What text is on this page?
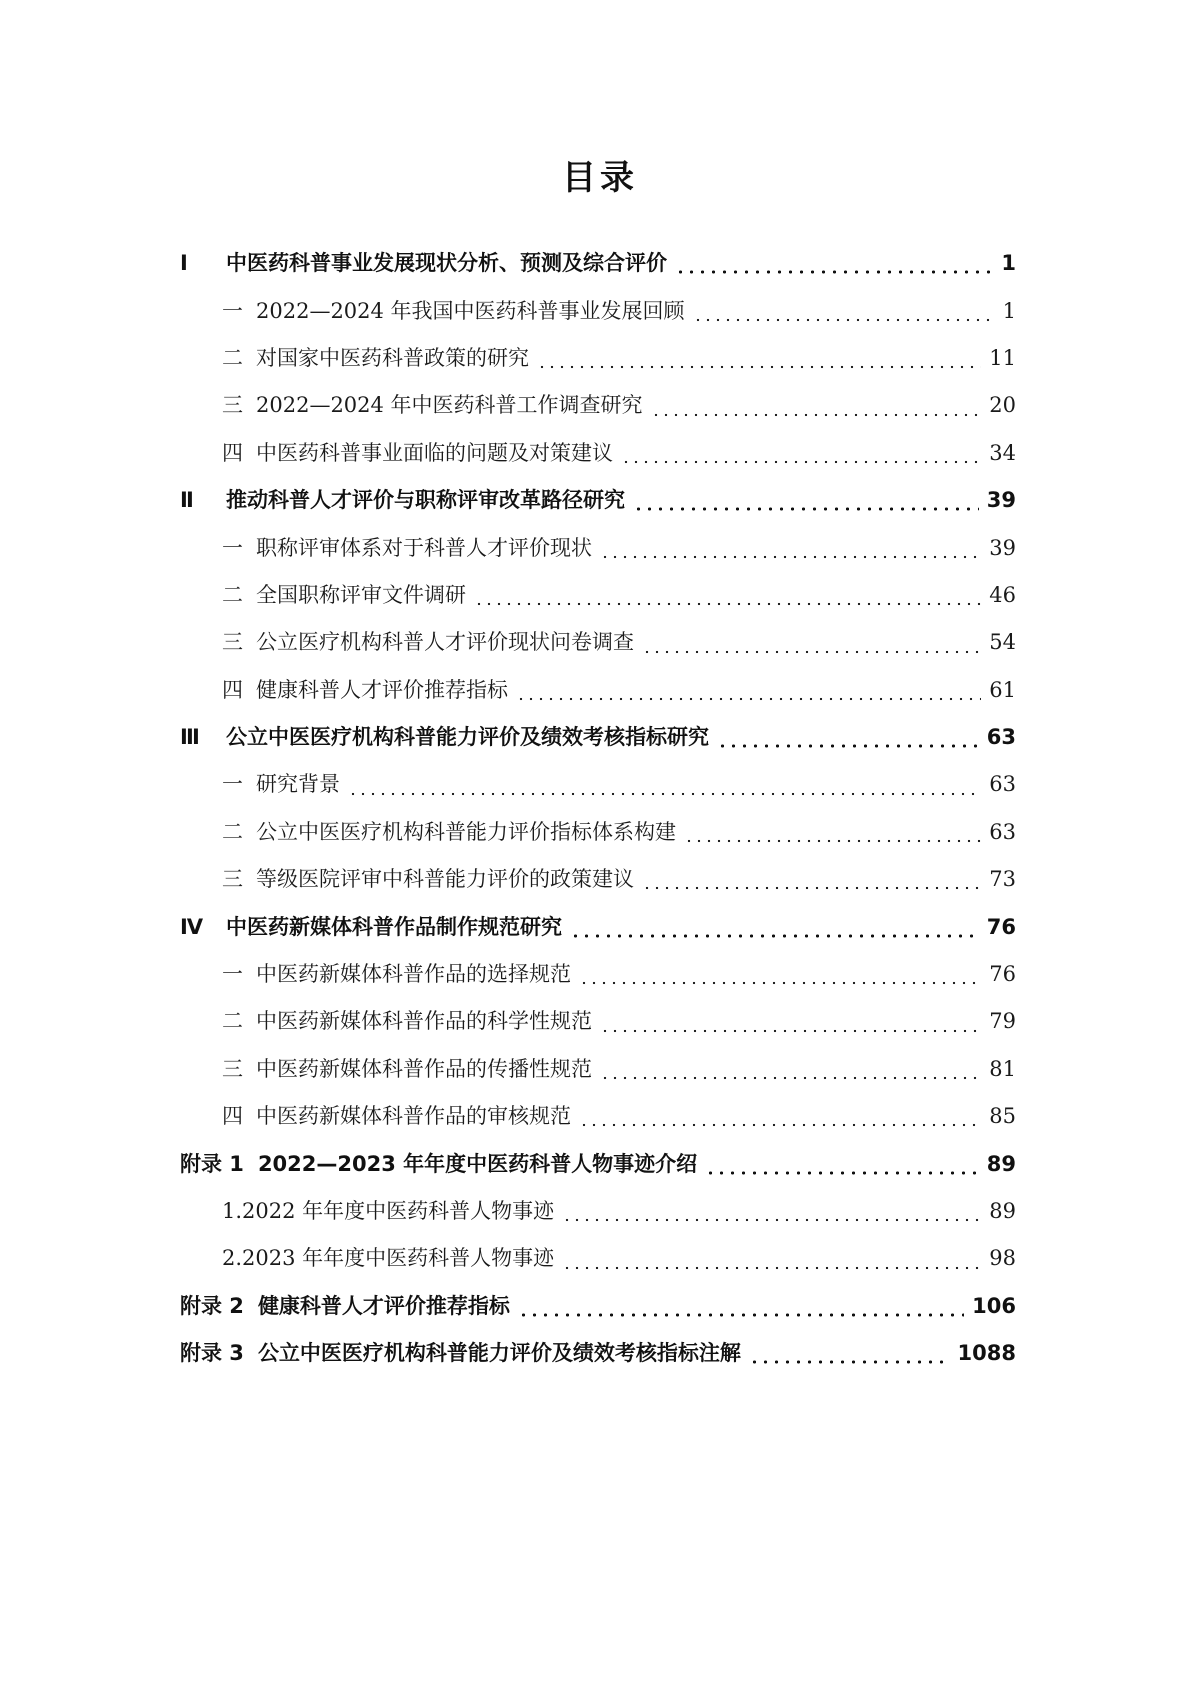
目录
Ⅰ	中医药科普事业发展现状分析、预测及综合评价	1
一 2022—2024 年我国中医药科普事业发展回顾	1
二 对国家中医药科普政策的研究	11
三 2022—2024 年中医药科普工作调查研究	20
四 中医药科普事业面临的问题及对策建议	34
Ⅱ	推动科普人才评价与职称评审改革路径研究	39
一 职称评审体系对于科普人才评价现状	39
二 全国职称评审文件调研	46
三 公立医疗机构科普人才评价现状问卷调查	54
四 健康科普人才评价推荐指标	61
Ⅲ	公立中医医疗机构科普能力评价及绩效考核指标研究	63
一 研究背景	63
二 公立中医医疗机构科普能力评价指标体系构建	63
三 等级医院评审中科普能力评价的政策建议	73
Ⅳ	中医药新媒体科普作品制作规范研究	76
一 中医药新媒体科普作品的选择规范	76
二 中医药新媒体科普作品的科学性规范	79
三 中医药新媒体科普作品的传播性规范	81
四 中医药新媒体科普作品的审核规范	85
附录 1 2022—2023 年年度中医药科普人物事迹介绍	89
1. 2022 年年度中医药科普人物事迹	89
2. 2023 年年度中医药科普人物事迹	98
附录 2 健康科普人才评价推荐指标	106
附录 3 公立中医医疗机构科普能力评价及绩效考核指标注解	1088
